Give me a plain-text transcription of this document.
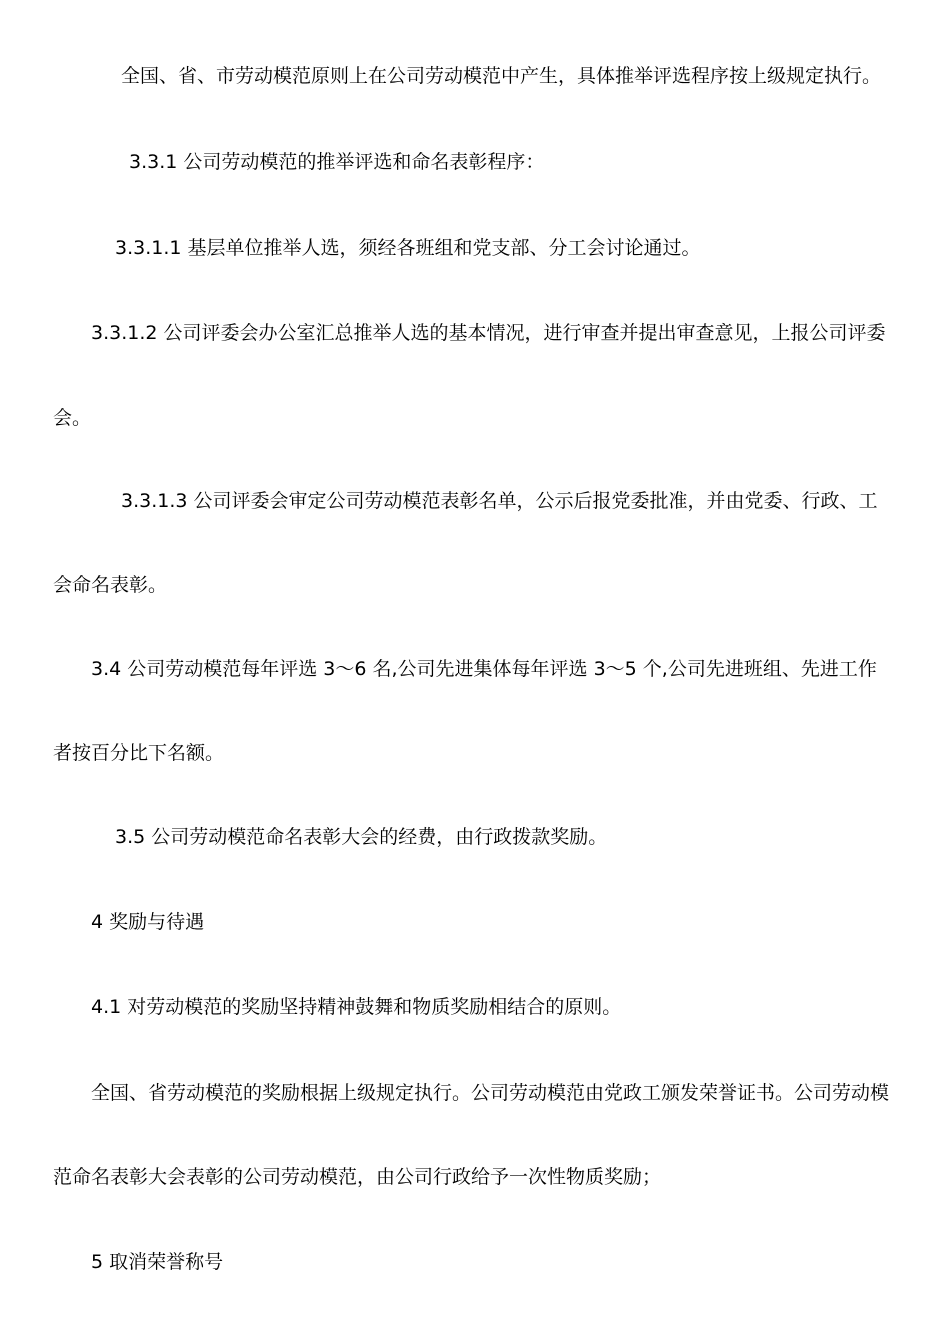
全国、省、市劳动模范原则上在公司劳动模范中产生，具体推举评选程序按上级规定执行。
3.3.1 公司劳动模范的推举评选和命名表彰程序：
3.3.1.1 基层单位推举人选，须经各班组和党支部、分工会讨论通过。
3.3.1.2 公司评委会办公室汇总推举人选的基本情况，进行审查并提出审查意见，上报公司评委
会。
3.3.1.3 公司评委会审定公司劳动模范表彰名单，公示后报党委批准，并由党委、行政、工
会命名表彰。
3.4 公司劳动模范每年评选 3～6 名,公司先进集体每年评选 3～5 个,公司先进班组、先进工作
者按百分比下名额。
3.5 公司劳动模范命名表彰大会的经费，由行政拨款奖励。
4 奖励与待遇
4.1 对劳动模范的奖励坚持精神鼓舞和物质奖励相结合的原则。
全国、省劳动模范的奖励根据上级规定执行。公司劳动模范由党政工颁发荣誉证书。公司劳动模
范命名表彰大会表彰的公司劳动模范，由公司行政给予一次性物质奖励；
5 取消荣誉称号
